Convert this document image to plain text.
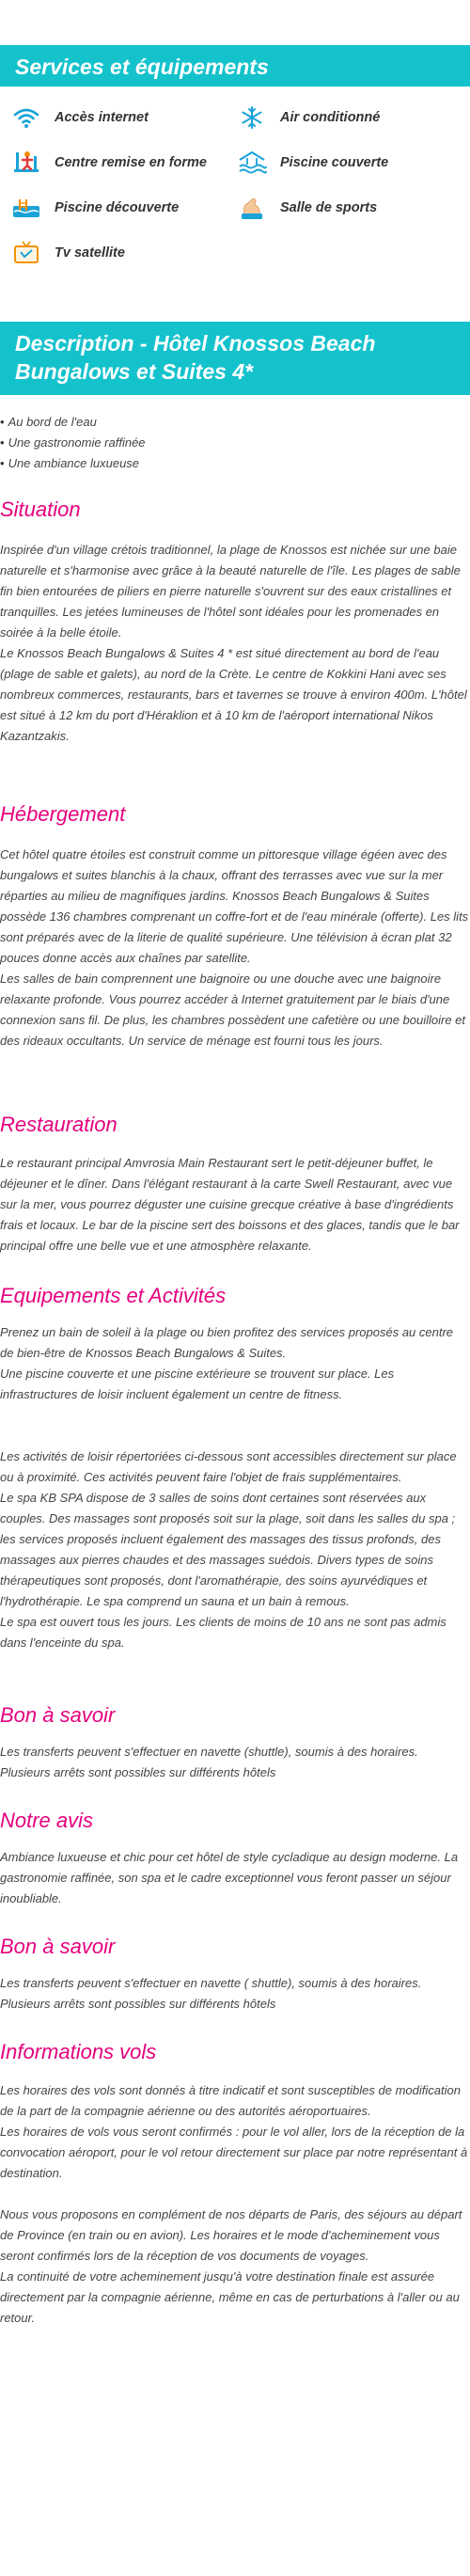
Services et équipements
Accès internet	Air conditionné
Centre remise en forme	Piscine couverte
Piscine découverte	Salle de sports
Tv satellite
Description - Hôtel Knossos Beach Bungalows et Suites 4*
• Au bord de l'eau
• Une gastronomie raffinée
• Une ambiance luxueuse
Situation

Inspirée d'un village crétois traditionnel, la plage de Knossos est nichée sur une baie naturelle et s'harmonise avec grâce à la beauté naturelle de l'île. Les plages de sable fin bien entourées de piliers en pierre naturelle s'ouvrent sur des eaux cristallines et tranquilles. Les jetées lumineuses de l'hôtel sont idéales pour les promenades en soirée à la belle étoile.

Le Knossos Beach Bungalows & Suites 4 * est situé directement au bord de l'eau (plage de sable et galets), au nord de la Crète. Le centre de Kokkini Hani avec ses nombreux commerces, restaurants, bars et tavernes se trouve à environ 400m. L'hôtel est situé à 12 km du port d'Héraklion et à 10 km de l'aéroport international Nikos Kazantzakis.

Hébergement

Cet hôtel quatre étoiles est construit comme un pittoresque village égéen avec des bungalows et suites blanchis à la chaux, offrant des terrasses avec vue sur la mer réparties au milieu de magnifiques jardins. Knossos Beach Bungalows & Suites possède 136 chambres comprenant un coffre-fort et de l'eau minérale (offerte). Les lits sont préparés avec de la literie de qualité supérieure. Une télévision à écran plat 32 pouces donne accès aux chaînes par satellite.

Les salles de bain comprennent une baignoire ou une douche avec une baignoire relaxante profonde. Vous pourrez accéder à Internet gratuitement par le biais d'une connexion sans fil. De plus, les chambres possèdent une cafetière ou une bouilloire et des rideaux occultants. Un service de ménage est fourni tous les jours.

Restauration

Le restaurant principal Amvrosia Main Restaurant sert le petit-déjeuner buffet, le déjeuner et le dîner. Dans l'élégant restaurant à la carte Swell Restaurant, avec vue sur la mer, vous pourrez déguster une cuisine grecque créative à base d'ingrédients frais et locaux. Le bar de la piscine sert des boissons et des glaces, tandis que le bar principal offre une belle vue et une atmosphère relaxante.

Equipements et Activités

Prenez un bain de soleil à la plage ou bien profitez des services proposés au centre de bien-être de Knossos Beach Bungalows & Suites.

Une piscine couverte et une piscine extérieure se trouvent sur place. Les infrastructures de loisir incluent également un centre de fitness.

Les activités de loisir répertoriées ci-dessous sont accessibles directement sur place ou à proximité. Ces activités peuvent faire l'objet de frais supplémentaires.

Le spa KB SPA dispose de 3 salles de soins dont certaines sont réservées aux couples. Des massages sont proposés soit sur la plage, soit dans les salles du spa ; les services proposés incluent également des massages des tissus profonds, des massages aux pierres chaudes et des massages suédois. Divers types de soins thérapeutiques sont proposés, dont l'aromathérapie, des soins ayurvédiques et l'hydrothérapie. Le spa comprend un sauna et un bain à remous.

Le spa est ouvert tous les jours. Les clients de moins de 10 ans ne sont pas admis dans l'enceinte du spa.

Bon à savoir

Les transferts peuvent s'effectuer en navette (shuttle), soumis à des horaires. Plusieurs arrêts sont possibles sur différents hôtels

Notre avis

Ambiance luxueuse et chic pour cet hôtel de style cycladique au design moderne. La gastronomie raffinée, son spa et le cadre exceptionnel vous feront passer un séjour inoubliable.

Bon à savoir

Les transferts peuvent s'effectuer en navette ( shuttle), soumis à des horaires. Plusieurs arrêts sont possibles sur différents hôtels

Informations vols

Les horaires des vols sont donnés à titre indicatif et sont susceptibles de modification de la part de la compagnie aérienne ou des autorités aéroportuaires.

Les horaires de vols vous seront confirmés : pour le vol aller, lors de la réception de la convocation aéroport, pour le vol retour directement sur place par notre représentant à destination.

Nous vous proposons en complément de nos départs de Paris, des séjours au départ de Province (en train ou en avion). Les horaires et le mode d'acheminement vous seront confirmés lors de la réception de vos documents de voyages.

La continuité de votre acheminement jusqu'à votre destination finale est assurée directement par la compagnie aérienne, même en cas de perturbations à l'aller ou au retour.
